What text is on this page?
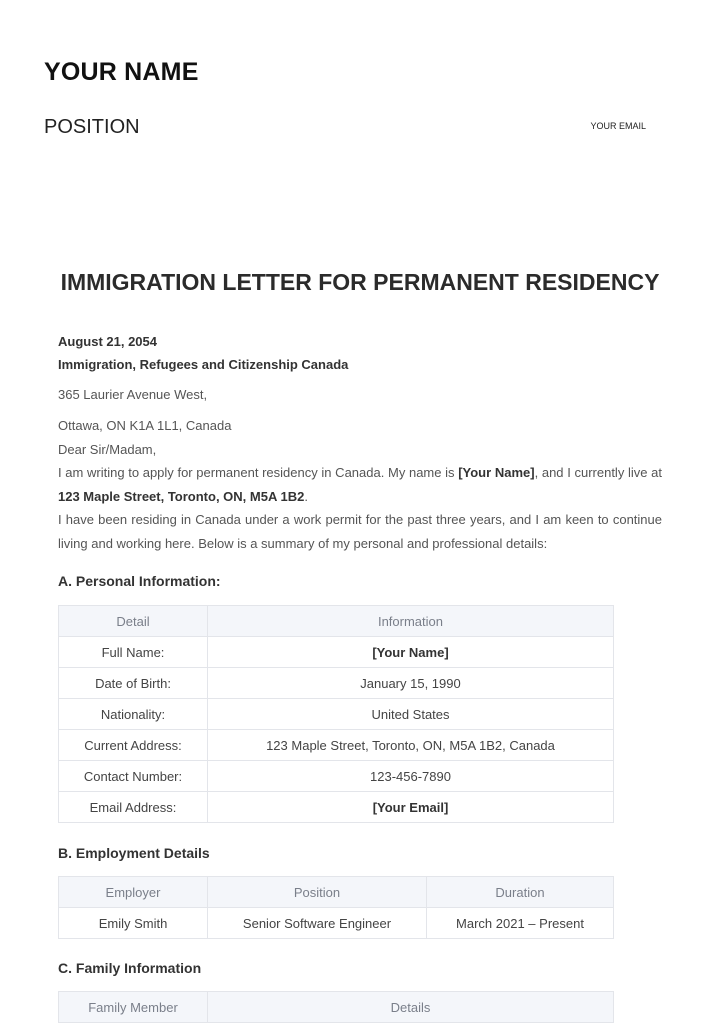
YOUR NAME
POSITION	YOUR EMAIL
IMMIGRATION LETTER FOR PERMANENT RESIDENCY
August 21, 2054
Immigration, Refugees and Citizenship Canada
365 Laurier Avenue West,
Ottawa, ON K1A 1L1, Canada
Dear Sir/Madam,
I am writing to apply for permanent residency in Canada. My name is [Your Name], and I currently live at 123 Maple Street, Toronto, ON, M5A 1B2.
I have been residing in Canada under a work permit for the past three years, and I am keen to continue living and working here. Below is a summary of my personal and professional details:
A. Personal Information:
Detail	Information
Full Name:	[Your Name]
Date of Birth:	January 15, 1990
Nationality:	United States
Current Address:	123 Maple Street, Toronto, ON, M5A 1B2, Canada
Contact Number:	123-456-7890
Email Address:	[Your Email]
B. Employment Details
Employer	Position	Duration
Emily Smith	Senior Software Engineer	March 2021 – Present
C. Family Information
Family Member	Details
